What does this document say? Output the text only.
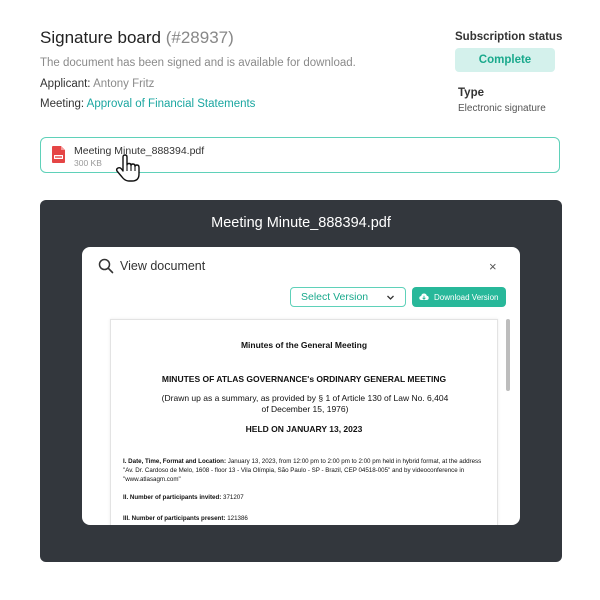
Signature board (#28937)
The document has been signed and is available for download.
Applicant: Antony Fritz
Meeting: Approval of Financial Statements
Subscription status
Complete
Type
Electronic signature
Meeting Minute_888394.pdf
300 KB
Meeting Minute_888394.pdf
View document	×
Select Version	Download Version
Minutes of the General Meeting
MINUTES OF ATLAS GOVERNANCE's ORDINARY GENERAL MEETING
(Drawn up as a summary, as provided by § 1 of Article 130 of Law No. 6,404 of December 15, 1976)
HELD ON JANUARY 13, 2023
I. Date, Time, Format and Location: January 13, 2023, from 12:00 pm to 2:00 pm to 2:00 pm held in hybrid format, at the address "Av. Dr. Cardoso de Melo, 1608 - floor 13 - Vila Olímpia, São Paulo - SP - Brazil, CEP 04518-005" and by videoconference in "www.atlasagm.com"
II. Number of participants invited: 371207
III. Number of participants present: 121386
